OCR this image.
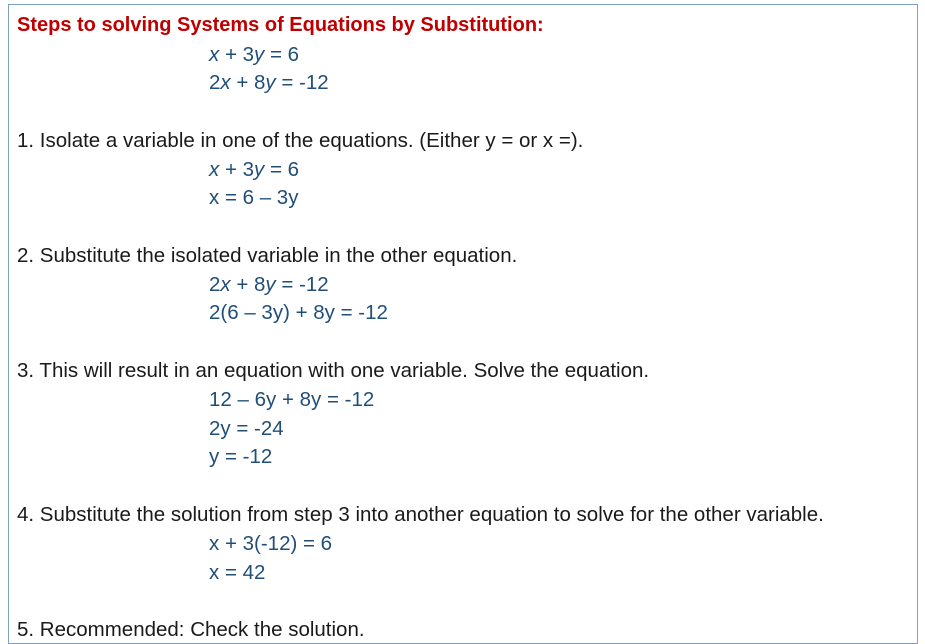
Steps to solving Systems of Equations by Substitution:
x + 3y = 6
2x + 8y = -12
1. Isolate a variable in one of the equations. (Either y = or x =).
x + 3y = 6
x = 6 – 3y
2. Substitute the isolated variable in the other equation.
2x + 8y = -12
2(6 – 3y) + 8y = -12
3. This will result in an equation with one variable. Solve the equation.
12 – 6y + 8y = -12
2y = -24
y = -12
4. Substitute the solution from step 3 into another equation to solve for the other variable.
x + 3(-12) = 6
x = 42
5. Recommended: Check the solution.
